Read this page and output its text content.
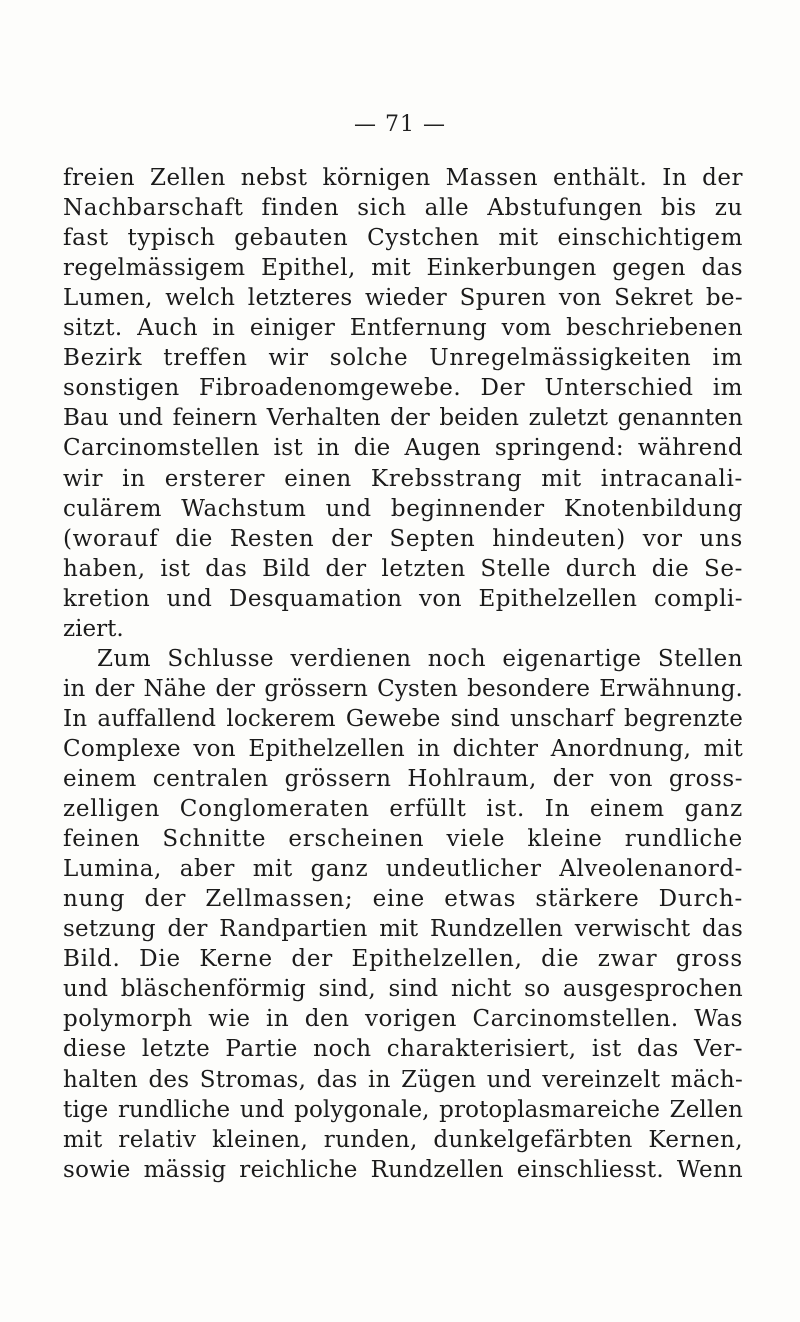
— 71 —
freien Zellen nebst körnigen Massen enthält. In der
Nachbarschaft finden sich alle Abstufungen bis zu
fast typisch gebauten Cystchen mit einschichtigem
regelmässigem Epithel, mit Einkerbungen gegen das
Lumen, welch letzteres wieder Spuren von Sekret be-
sitzt. Auch in einiger Entfernung vom beschriebenen
Bezirk treffen wir solche Unregelmässigkeiten im
sonstigen Fibroadenomgewebe. Der Unterschied im
Bau und feinern Verhalten der beiden zuletzt genannten
Carcinomstellen ist in die Augen springend: während
wir in ersterer einen Krebsstrang mit intracanali-
culärem Wachstum und beginnender Knotenbildung
(worauf die Resten der Septen hindeuten) vor uns
haben, ist das Bild der letzten Stelle durch die Se-
kretion und Desquamation von Epithelzellen compli-
ziert.
Zum Schlusse verdienen noch eigenartige Stellen
in der Nähe der grössern Cysten besondere Erwähnung.
In auffallend lockerem Gewebe sind unscharf begrenzte
Complexe von Epithelzellen in dichter Anordnung, mit
einem centralen grössern Hohlraum, der von gross-
zelligen Conglomeraten erfüllt ist. In einem ganz
feinen Schnitte erscheinen viele kleine rundliche
Lumina, aber mit ganz undeutlicher Alveolenanord-
nung der Zellmassen; eine etwas stärkere Durch-
setzung der Randpartien mit Rundzellen verwischt das
Bild. Die Kerne der Epithelzellen, die zwar gross
und bläschenförmig sind, sind nicht so ausgesprochen
polymorph wie in den vorigen Carcinomstellen. Was
diese letzte Partie noch charakterisiert, ist das Ver-
halten des Stromas, das in Zügen und vereinzelt mäch-
tige rundliche und polygonale, protoplasmareiche Zellen
mit relativ kleinen, runden, dunkelgefärbten Kernen,
sowie mässig reichliche Rundzellen einschliesst. Wenn
